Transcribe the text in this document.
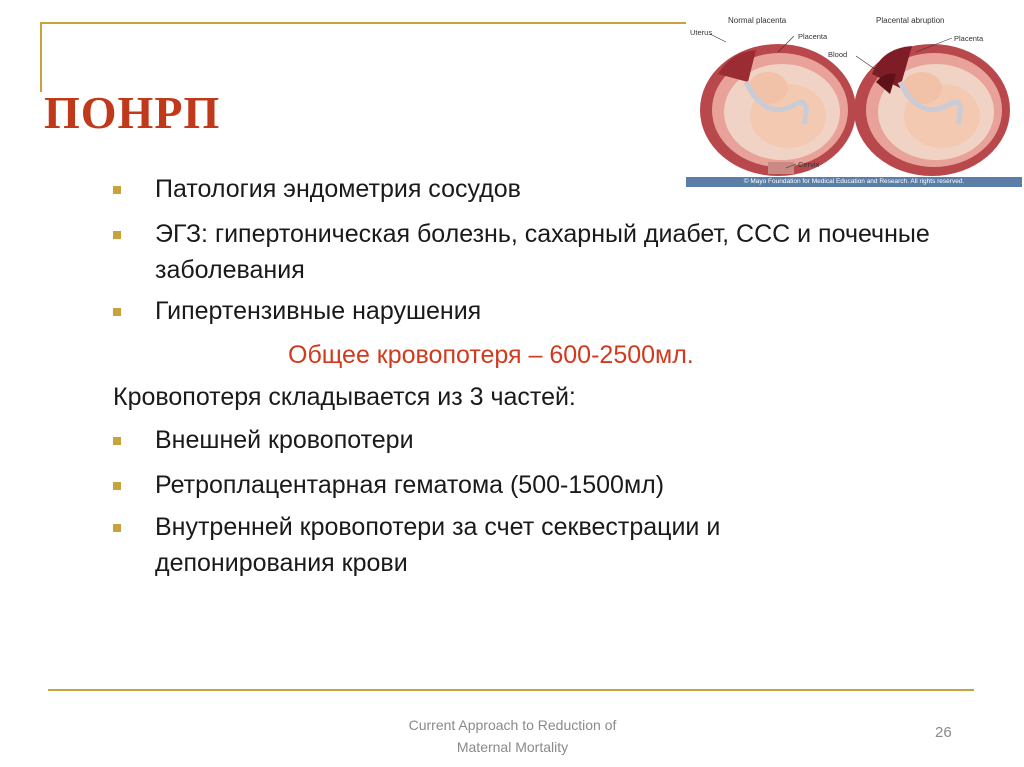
ПОНРП
Normal placenta	Placental abruption
Uterus	Placenta	Placenta
Blood
Cervix
© Mayo Foundation for Medical Education and Research. All rights reserved.
Патология эндометрия сосудов
ЭГЗ: гипертоническая болезнь, сахарный диабет, ССС и почечные заболевания
Гипертензивные нарушения
Общее кровопотеря – 600-2500мл.
Кровопотеря складывается из 3 частей:
Внешней кровопотери
Ретроплацентарная гематома (500-1500мл)
Внутренней кровопотери за счет секвестрации и депонирования крови
Current Approach to Reduction of
Maternal Mortality
26
